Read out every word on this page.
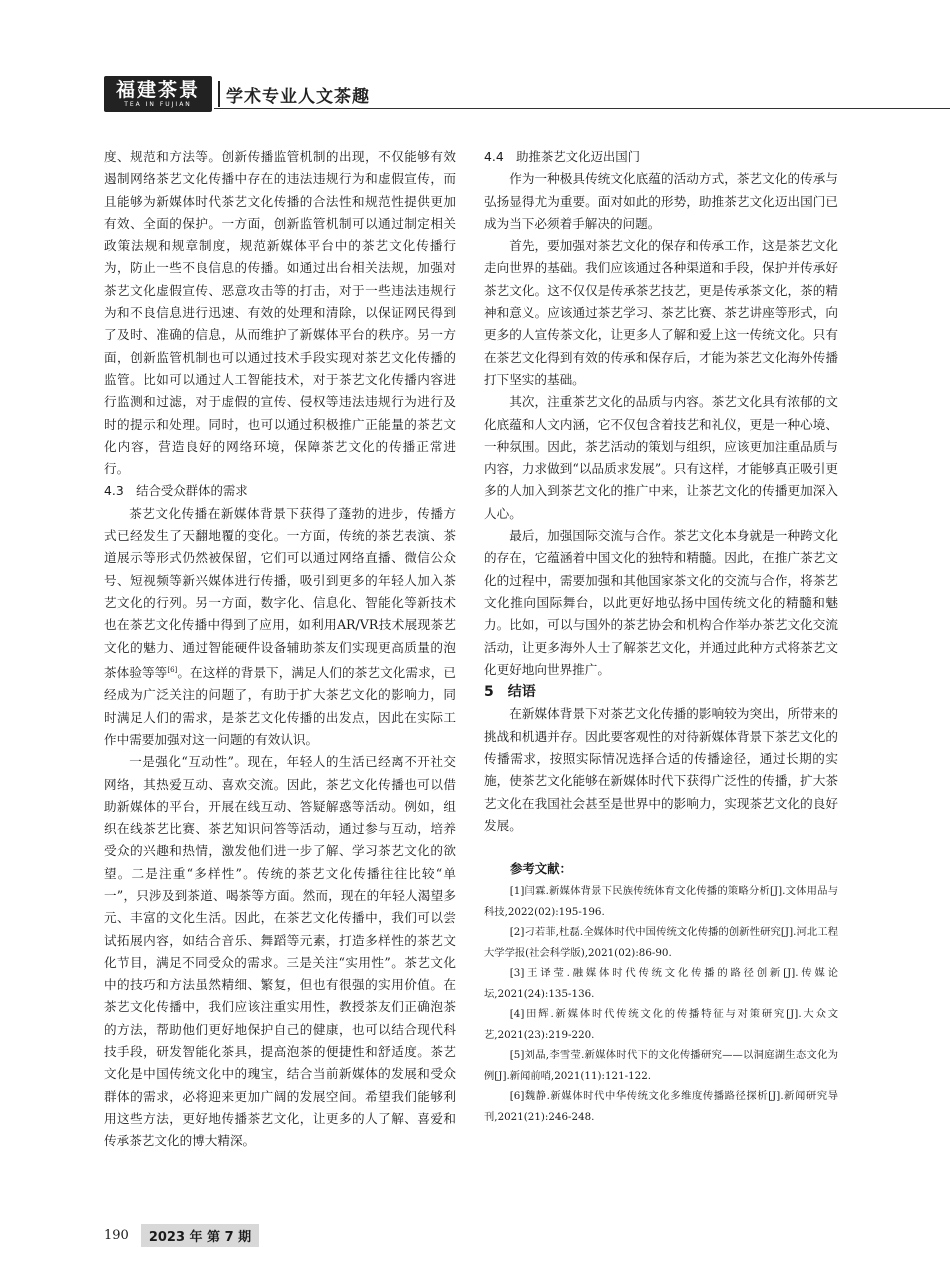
福建茶景
TEA IN FUJIAN 学术专业人文茶趣

度、规范和方法等。创新传播监管机制的出现，不仅能够有效遏制网络茶艺文化传播中存在的违法违规行为和虚假宣传，而且能够为新媒体时代茶艺文化传播的合法性和规范性提供更加有效、全面的保护。一方面，创新监管机制可以通过制定相关政策法规和规章制度，规范新媒体平台中的茶艺文化传播行为，防止一些不良信息的传播。如通过出台相关法规，加强对茶艺文化虚假宣传、恶意攻击等的打击，对于一些违法违规行为和不良信息进行迅速、有效的处理和清除，以保证网民得到了及时、准确的信息，从而维护了新媒体平台的秩序。另一方面，创新监管机制也可以通过技术手段实现对茶艺文化传播的监管。比如可以通过人工智能技术，对于茶艺文化传播内容进行监测和过滤，对于虚假的宣传、侵权等违法违规行为进行及时的提示和处理。同时，也可以通过积极推广正能量的茶艺文化内容，营造良好的网络环境，保障茶艺文化的传播正常进行。

4.3　结合受众群体的需求

茶艺文化传播在新媒体背景下获得了蓬勃的进步，传播方式已经发生了天翻地覆的变化。一方面，传统的茶艺表演、茶道展示等形式仍然被保留，它们可以通过网络直播、微信公众号、短视频等新兴媒体进行传播，吸引到更多的年轻人加入茶艺文化的行列。另一方面，数字化、信息化、智能化等新技术也在茶艺文化传播中得到了应用，如利用AR/VR技术展现茶艺文化的魅力、通过智能硬件设备辅助茶友们实现更高质量的泡茶体验等等[6]。在这样的背景下，满足人们的茶艺文化需求，已经成为广泛关注的问题了，有助于扩大茶艺文化的影响力，同时满足人们的需求，是茶艺文化传播的出发点，因此在实际工作中需要加强对这一问题的有效认识。

一是强化“互动性”。现在，年轻人的生活已经离不开社交网络，其热爱互动、喜欢交流。因此，茶艺文化传播也可以借助新媒体的平台，开展在线互动、答疑解惑等活动。例如，组织在线茶艺比赛、茶艺知识问答等活动，通过参与互动，培养受众的兴趣和热情，激发他们进一步了解、学习茶艺文化的欲望。二是注重“多样性”。传统的茶艺文化传播往往比较“单一”，只涉及到茶道、喝茶等方面。然而，现在的年轻人渴望多元、丰富的文化生活。因此，在茶艺文化传播中，我们可以尝试拓展内容，如结合音乐、舞蹈等元素，打造多样性的茶艺文化节目，满足不同受众的需求。三是关注“实用性”。茶艺文化中的技巧和方法虽然精细、繁复，但也有很强的实用价值。在茶艺文化传播中，我们应该注重实用性，教授茶友们正确泡茶的方法，帮助他们更好地保护自己的健康，也可以结合现代科技手段，研发智能化茶具，提高泡茶的便捷性和舒适度。茶艺文化是中国传统文化中的瑰宝，结合当前新媒体的发展和受众群体的需求，必将迎来更加广阔的发展空间。希望我们能够利用这些方法，更好地传播茶艺文化，让更多的人了解、喜爱和传承茶艺文化的博大精深。

4.4　助推茶艺文化迈出国门

作为一种极具传统文化底蕴的活动方式，茶艺文化的传承与弘扬显得尤为重要。面对如此的形势，助推茶艺文化迈出国门已成为当下必须着手解决的问题。

首先，要加强对茶艺文化的保存和传承工作，这是茶艺文化走向世界的基础。我们应该通过各种渠道和手段，保护并传承好茶艺文化。这不仅仅是传承茶艺技艺，更是传承茶文化，茶的精神和意义。应该通过茶艺学习、茶艺比赛、茶艺讲座等形式，向更多的人宣传茶文化，让更多人了解和爱上这一传统文化。只有在茶艺文化得到有效的传承和保存后，才能为茶艺文化海外传播打下坚实的基础。

其次，注重茶艺文化的品质与内容。茶艺文化具有浓郁的文化底蕴和人文内涵，它不仅包含着技艺和礼仪，更是一种心境、一种氛围。因此，茶艺活动的策划与组织，应该更加注重品质与内容，力求做到“以品质求发展”。只有这样，才能够真正吸引更多的人加入到茶艺文化的推广中来，让茶艺文化的传播更加深入人心。

最后，加强国际交流与合作。茶艺文化本身就是一种跨文化的存在，它蕴涵着中国文化的独特和精髓。因此，在推广茶艺文化的过程中，需要加强和其他国家茶文化的交流与合作，将茶艺文化推向国际舞台，以此更好地弘扬中国传统文化的精髓和魅力。比如，可以与国外的茶艺协会和机构合作举办茶艺文化交流活动，让更多海外人士了解茶艺文化，并通过此种方式将茶艺文化更好地向世界推广。

5　结语

在新媒体背景下对茶艺文化传播的影响较为突出，所带来的挑战和机遇并存。因此要客观性的对待新媒体背景下茶艺文化的传播需求，按照实际情况选择合适的传播途径，通过长期的实施，使茶艺文化能够在新媒体时代下获得广泛性的传播，扩大茶艺文化在我国社会甚至是世界中的影响力，实现茶艺文化的良好发展。

参考文献：

[1]闫霖.新媒体背景下民族传统体育文化传播的策略分析[J].文体用品与科技,2022(02):195-196.

[2]刁若菲,杜磊.全媒体时代中国传统文化传播的创新性研究[J].河北工程大学学报(社会科学版),2021(02):86-90.

[3]王译莹.融媒体时代传统文化传播的路径创新[J].传媒论坛,2021(24):135-136.

[4]田辉.新媒体时代传统文化的传播特征与对策研究[J].大众文艺,2021(23):219-220.

[5]刘晶,李雪莹.新媒体时代下的文化传播研究——以洞庭湖生态文化为例[J].新闻前哨,2021(11):121-122.

[6]魏静.新媒体时代中华传统文化多维度传播路径探析[J].新闻研究导刊,2021(21):246-248.

190	2023 年 第 7 期
